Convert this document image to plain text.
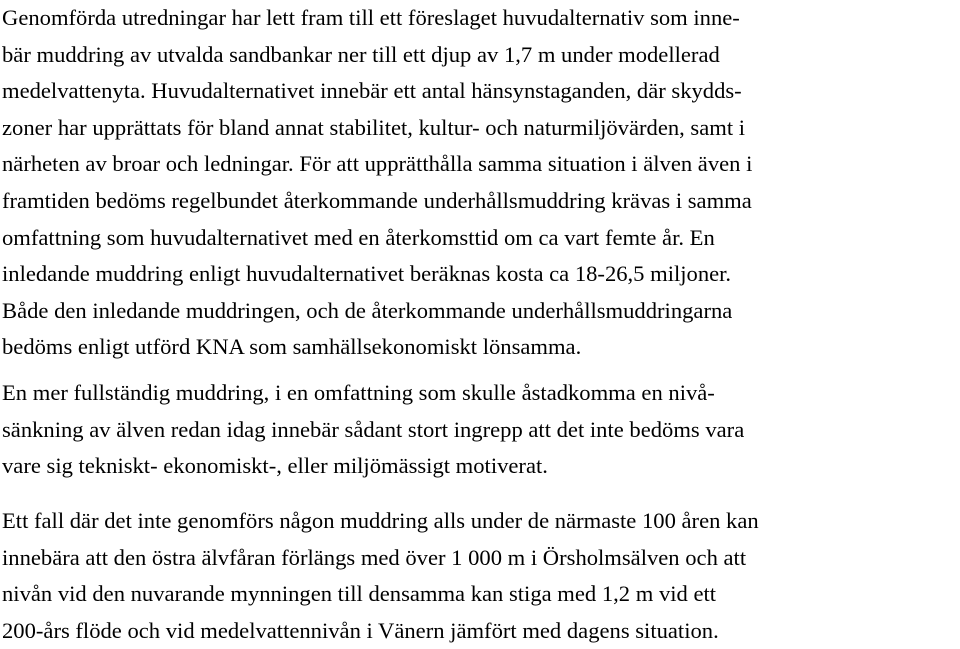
Genomförda utredningar har lett fram till ett föreslaget huvudalternativ som inne-
bär muddring av utvalda sandbankar ner till ett djup av 1,7 m under modellerad
medelvattenyta. Huvudalternativet innebär ett antal hänsynstaganden, där skydds-
zoner har upprättats för bland annat stabilitet, kultur- och naturmiljövärden, samt i
närheten av broar och ledningar. För att upprätthålla samma situation i älven även i
framtiden bedöms regelbundet återkommande underhållsmuddring krävas i samma
omfattning som huvudalternativet med en återkomsttid om ca vart femte år. En
inledande muddring enligt huvudalternativet beräknas kosta ca 18-26,5 miljoner.
Både den inledande muddringen, och de återkommande underhållsmuddringarna
bedöms enligt utförd KNA som samhällsekonomiskt lönsamma.

En mer fullständig muddring, i en omfattning som skulle åstadkomma en nivå-
sänkning av älven redan idag innebär sådant stort ingrepp att det inte bedöms vara
vare sig tekniskt- ekonomiskt-, eller miljömässigt motiverat.

Ett fall där det inte genomförs någon muddring alls under de närmaste 100 åren kan
innebära att den östra älvfåran förlängs med över 1 000 m i Örsholmsälven och att
nivån vid den nuvarande mynningen till densamma kan stiga med 1,2 m vid ett
200-års flöde och vid medelvattennivån i Vänern jämfört med dagens situation.
